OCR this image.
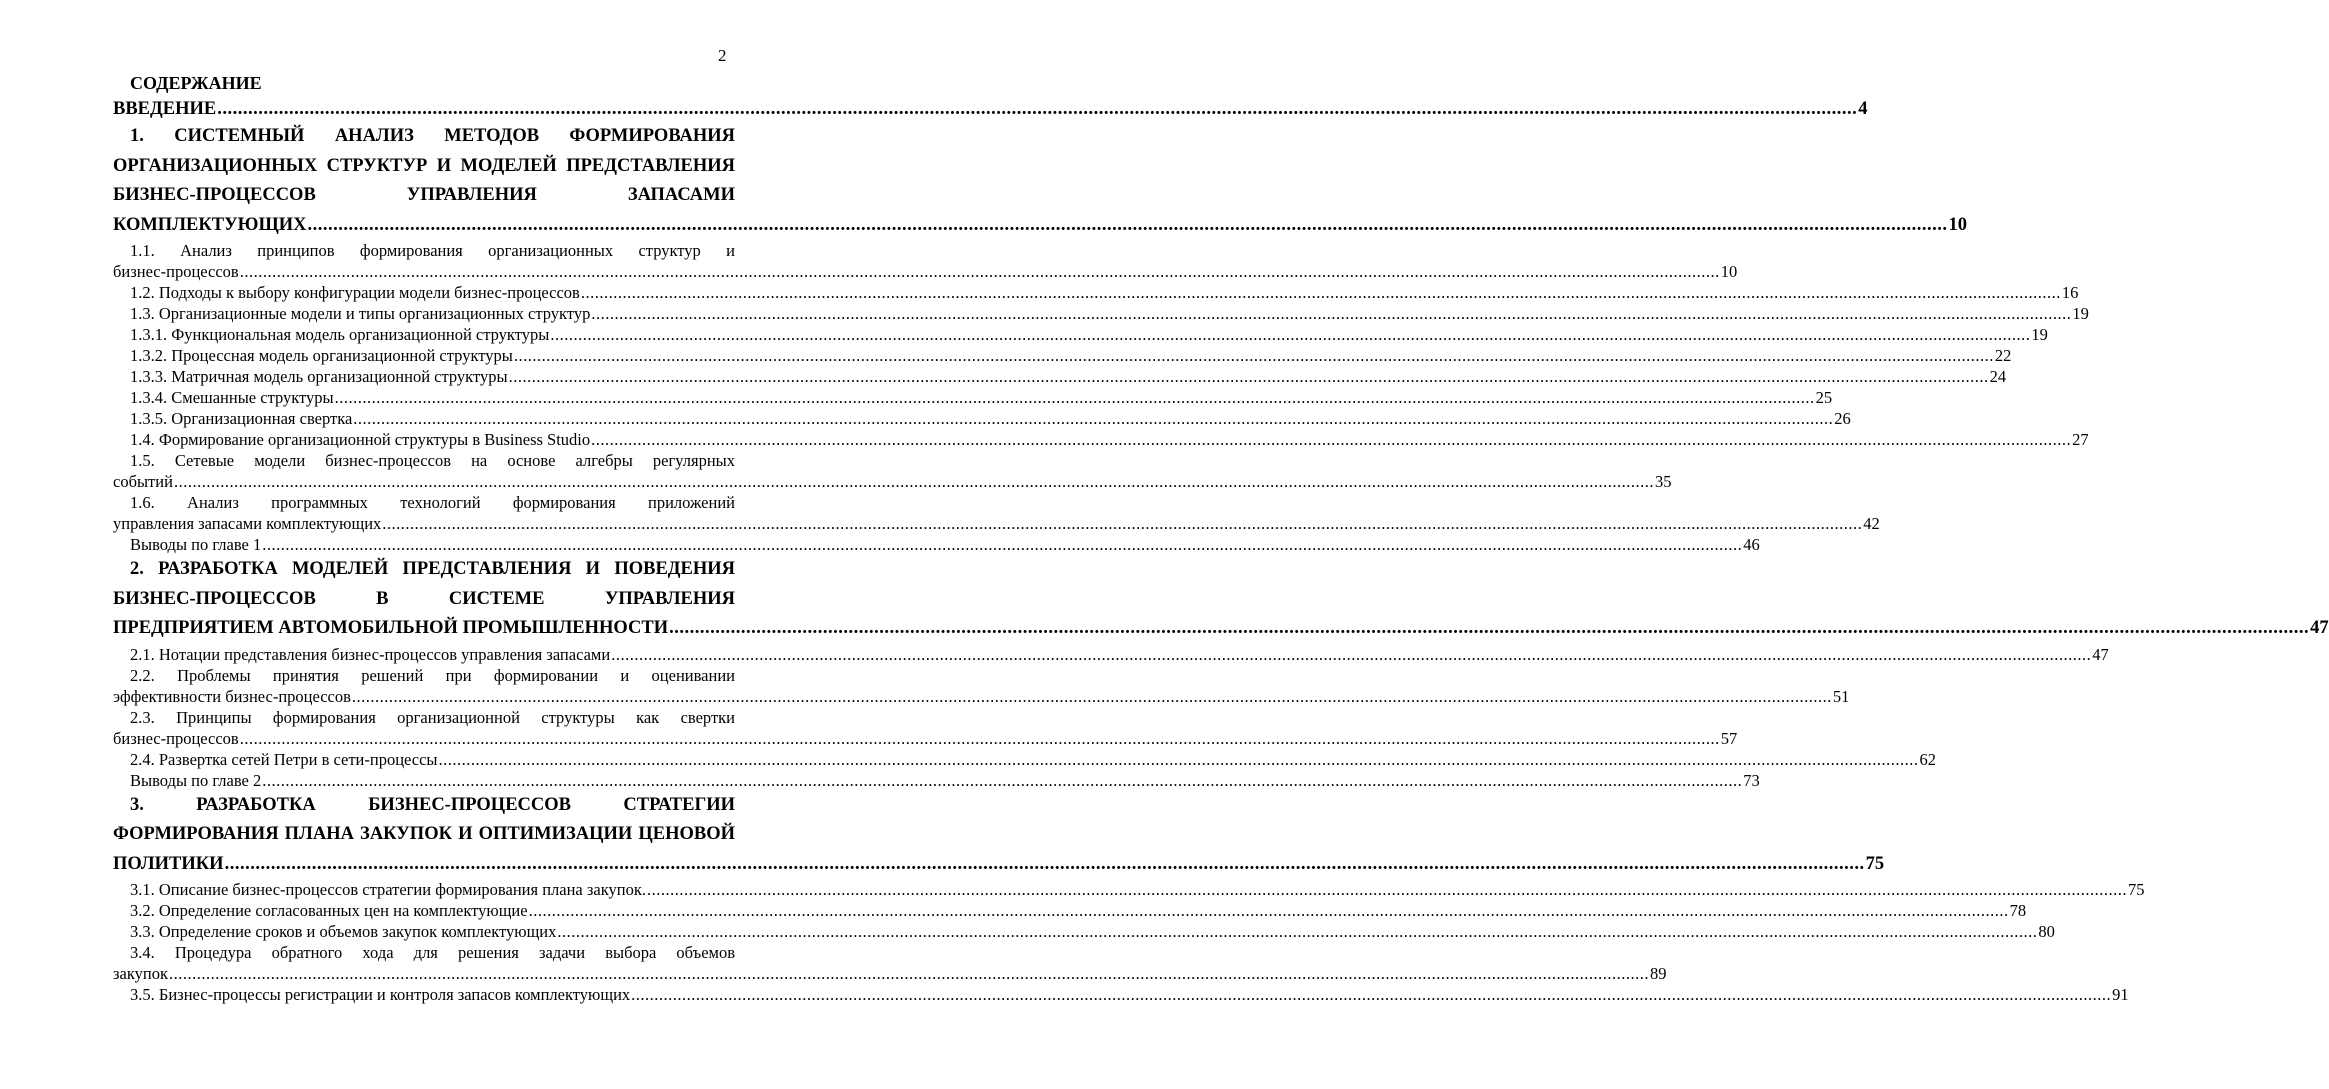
2
СОДЕРЖАНИЕ
ВВЕДЕНИЕ .....	4
1. СИСТЕМНЫЙ АНАЛИЗ МЕТОДОВ ФОРМИРОВАНИЯ
ОРГАНИЗАЦИОННЫХ СТРУКТУР И МОДЕЛЕЙ ПРЕДСТАВЛЕНИЯ
БИЗНЕС-ПРОЦЕССОВ УПРАВЛЕНИЯ ЗАПАСАМИ
КОМПЛЕКТУЮЩИХ .....	10
1.1. Анализ принципов формирования организационных структур и
бизнес-процессов .....	10
1.2. Подходы к выбору конфигурации модели бизнес-процессов .....	16
1.3. Организационные модели и типы организационных структур .....	19
1.3.1. Функциональная модель организационной структуры .....	19
1.3.2. Процессная модель организационной структуры .....	22
1.3.3. Матричная модель организационной структуры .....	24
1.3.4. Смешанные структуры .....	25
1.3.5. Организационная свертка .....	26
1.4. Формирование организационной структуры в Business Studio .....	27
1.5. Сетевые модели бизнес-процессов на основе алгебры регулярных
событий .....	35
1.6. Анализ программных технологий формирования приложений
управления запасами комплектующих .....	42
Выводы по главе 1 .....	46
2. РАЗРАБОТКА МОДЕЛЕЙ ПРЕДСТАВЛЕНИЯ И ПОВЕДЕНИЯ
БИЗНЕС-ПРОЦЕССОВ В СИСТЕМЕ УПРАВЛЕНИЯ
ПРЕДПРИЯТИЕМ АВТОМОБИЛЬНОЙ ПРОМЫШЛЕННОСТИ .....	47
2.1. Нотации представления бизнес-процессов управления запасами .....	47
2.2. Проблемы принятия решений при формировании и оценивании
эффективности бизнес-процессов .....	51
2.3. Принципы формирования организационной структуры как свертки
бизнес-процессов .....	57
2.4. Развертка сетей Петри в сети-процессы .....	62
Выводы по главе 2 .....	73
3. РАЗРАБОТКА БИЗНЕС-ПРОЦЕССОВ СТРАТЕГИИ
ФОРМИРОВАНИЯ ПЛАНА ЗАКУПОК И ОПТИМИЗАЦИИ ЦЕНОВОЙ
ПОЛИТИКИ .....	75
3.1. Описание бизнес-процессов стратегии формирования плана закупок. .....	75
3.2. Определение согласованных цен на комплектующие .....	78
3.3. Определение сроков и объемов закупок комплектующих .....	80
3.4. Процедура обратного хода для решения задачи выбора объемов
закупок .....	89
3.5. Бизнес-процессы регистрации и контроля запасов комплектующих .....	91
